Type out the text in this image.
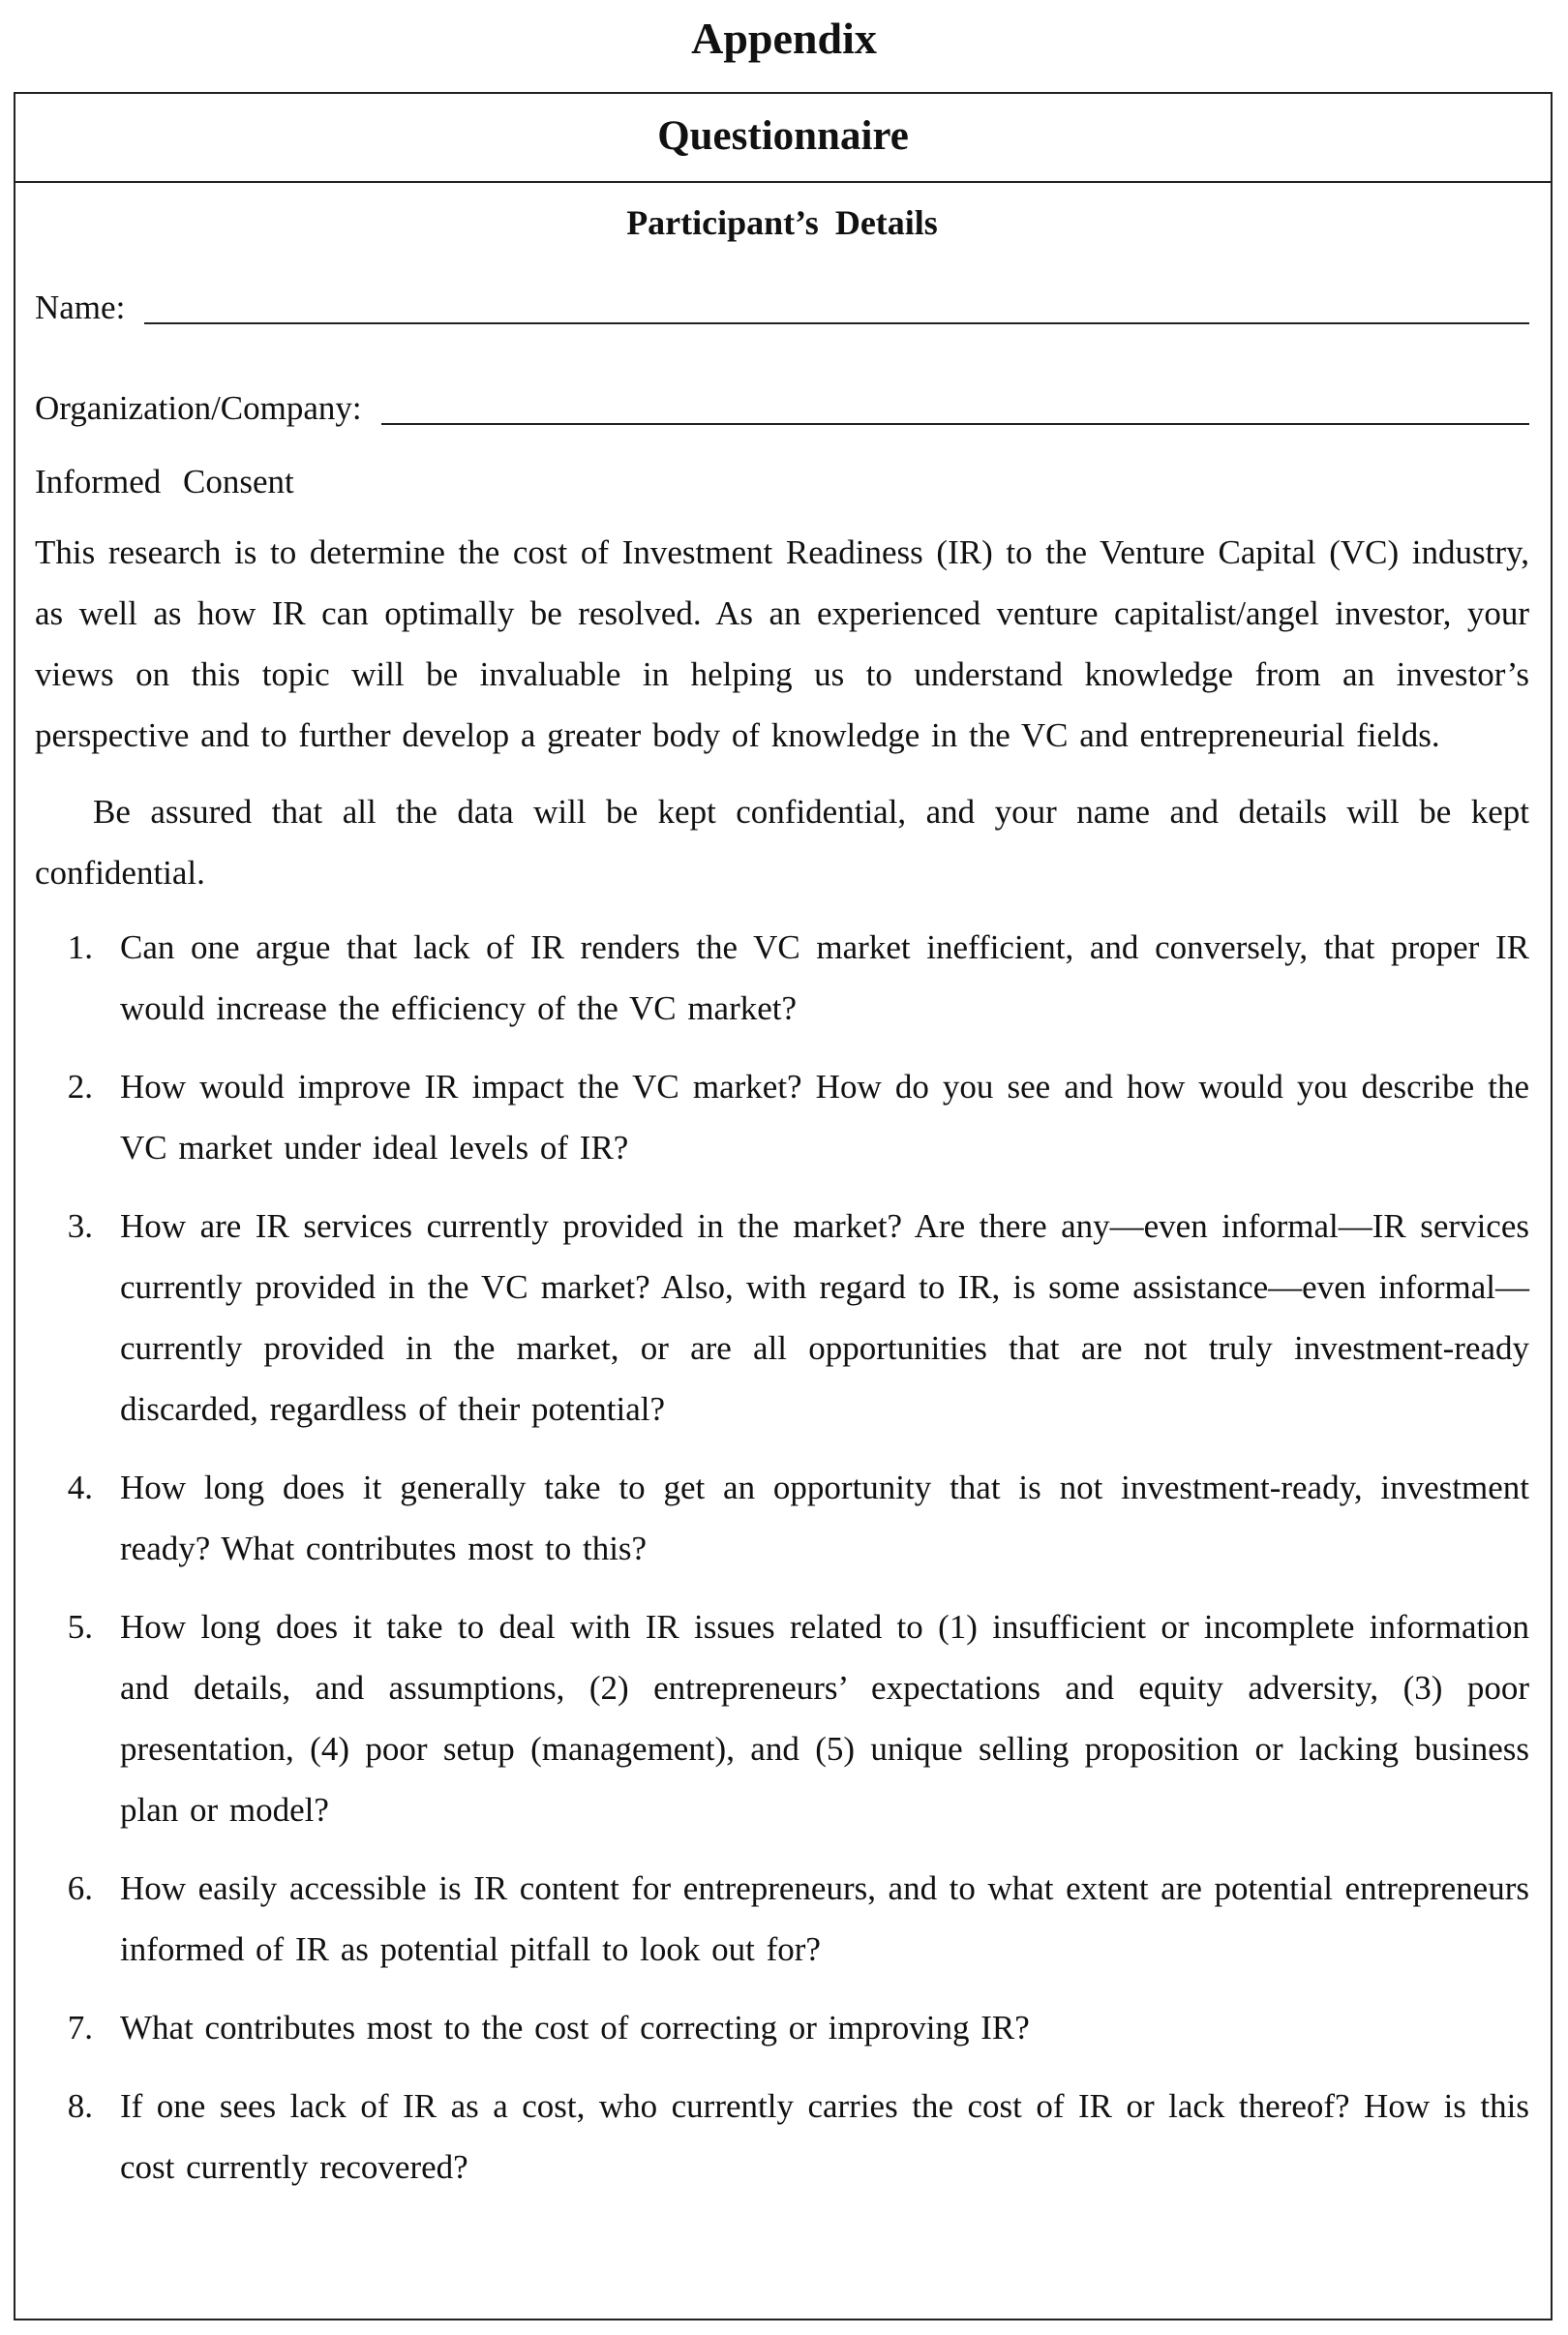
Appendix
Questionnaire
Participant’s Details
Name:
Organization/Company:
Informed Consent

This research is to determine the cost of Investment Readiness (IR) to the Venture Capital (VC) industry, as well as how IR can optimally be resolved. As an experienced venture capitalist/angel investor, your views on this topic will be invaluable in helping us to understand knowledge from an investor’s perspective and to further develop a greater body of knowledge in the VC and entrepreneurial fields.

Be assured that all the data will be kept confidential, and your name and details will be kept confidential.

1. Can one argue that lack of IR renders the VC market inefficient, and conversely, that proper IR would increase the efficiency of the VC market?
2. How would improve IR impact the VC market? How do you see and how would you describe the VC market under ideal levels of IR?
3. How are IR services currently provided in the market? Are there any—even informal—IR services currently provided in the VC market? Also, with regard to IR, is some assistance—even informal—currently provided in the market, or are all opportunities that are not truly investment-ready discarded, regardless of their potential?
4. How long does it generally take to get an opportunity that is not investment-ready, investment ready? What contributes most to this?
5. How long does it take to deal with IR issues related to (1) insufficient or incomplete information and details, and assumptions, (2) entrepreneurs’ expectations and equity adversity, (3) poor presentation, (4) poor setup (management), and (5) unique selling proposition or lacking business plan or model?
6. How easily accessible is IR content for entrepreneurs, and to what extent are potential entrepreneurs informed of IR as potential pitfall to look out for?
7. What contributes most to the cost of correcting or improving IR?
8. If one sees lack of IR as a cost, who currently carries the cost of IR or lack thereof? How is this cost currently recovered?
